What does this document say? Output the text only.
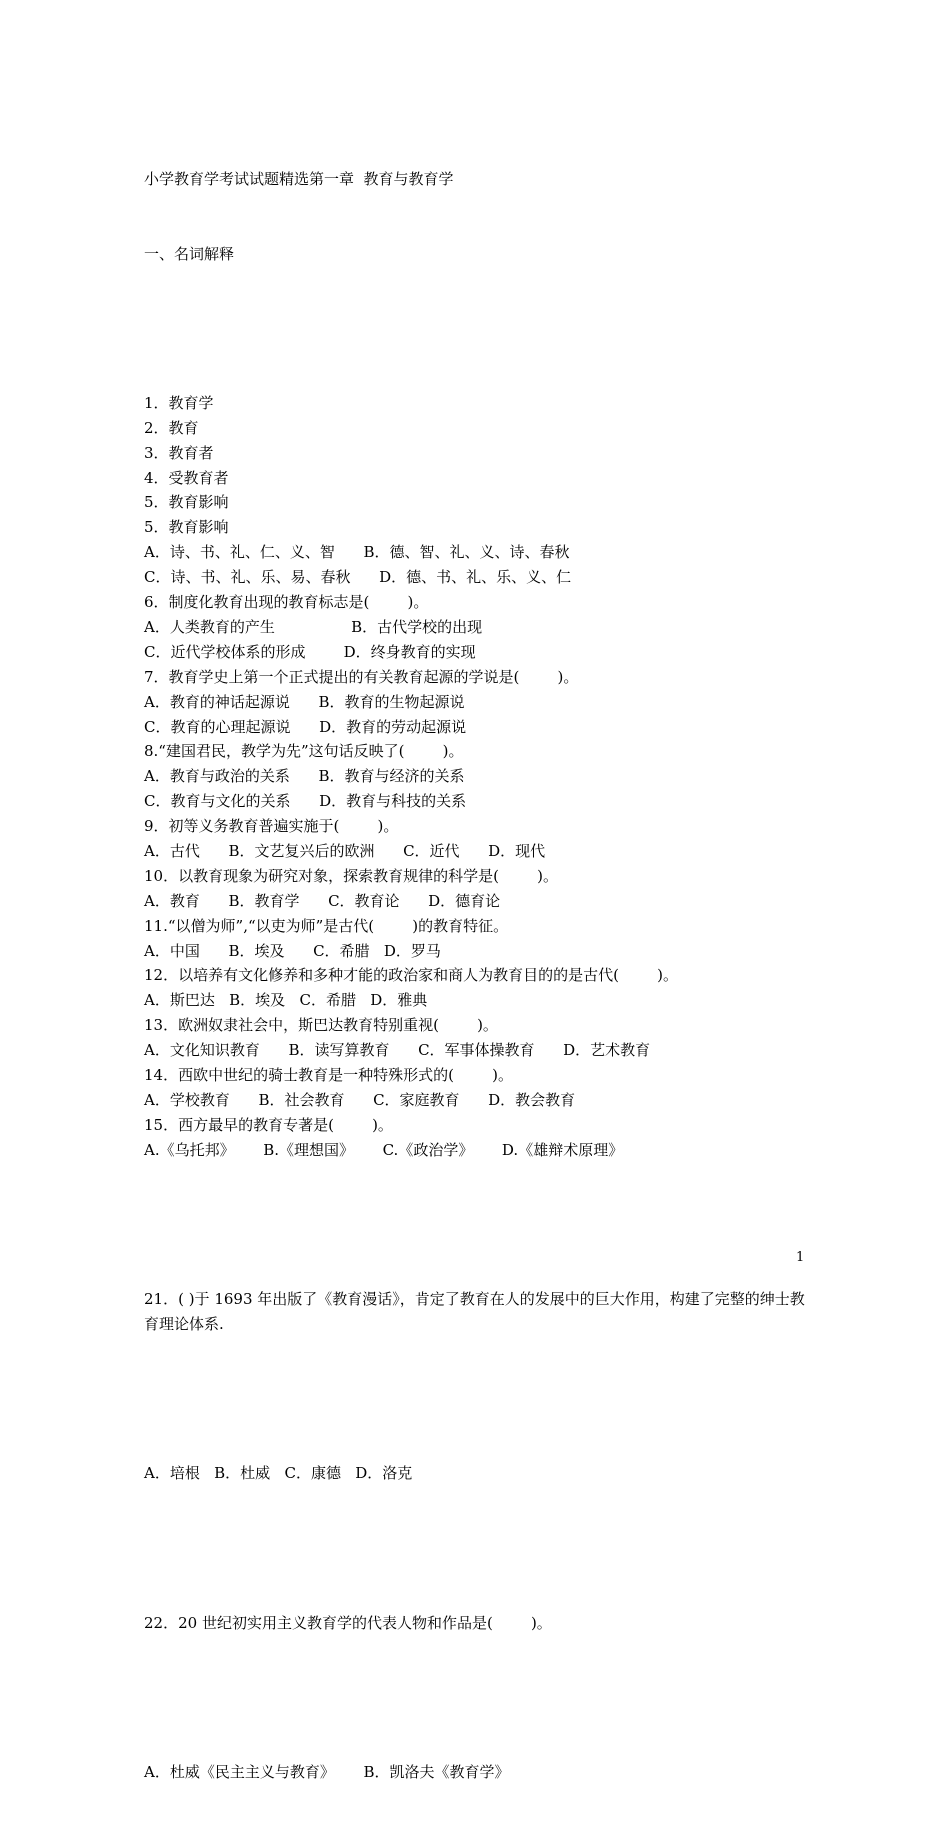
小学教育学考试试题精选第一章  教育与教育学

一、名词解释

1．教育学
2．教育
3．教育者
4．受教育者
5．教育影响
5．教育影响
A．诗、书、礼、仁、义、智      B．德、智、礼、义、诗、春秋
C．诗、书、礼、乐、易、春秋      D．德、书、礼、乐、义、仁
6．制度化教育出现的教育标志是(        )。
A．人类教育的产生                B．古代学校的出现
C．近代学校体系的形成        D．终身教育的实现
7．教育学史上第一个正式提出的有关教育起源的学说是(        )。
A．教育的神话起源说      B．教育的生物起源说
C．教育的心理起源说      D．教育的劳动起源说
8.“建国君民，教学为先”这句话反映了(        )。
A．教育与政治的关系      B．教育与经济的关系
C．教育与文化的关系      D．教育与科技的关系
9．初等义务教育普遍实施于(        )。
A．古代      B．文艺复兴后的欧洲      C．近代      D．现代
10．以教育现象为研究对象，探索教育规律的科学是(        )。
A．教育      B．教育学      C．教育论      D．德育论
11.“以僧为师”,“以吏为师”是古代(        )的教育特征。
A．中国      B．埃及      C．希腊   D．罗马
12．以培养有文化修养和多种才能的政治家和商人为教育目的的是古代(        )。
A．斯巴达   B．埃及   C．希腊   D．雅典
13．欧洲奴隶社会中，斯巴达教育特别重视(        )。
A．文化知识教育      B．读写算教育      C．军事体操教育      D．艺术教育
14．西欧中世纪的骑士教育是一种特殊形式的(        )。
A．学校教育      B．社会教育      C．家庭教育      D．教会教育
15．西方最早的教育专著是(        )。
A.《乌托邦》      B.《理想国》      C.《政治学》      D.《雄辩术原理》

21．( )于 1693 年出版了《教育漫话》，肯定了教育在人的发展中的巨大作用，构建了完整的绅士教育理论体系.

A．培根   B．杜威   C．康德   D．洛克

22．20 世纪初实用主义教育学的代表人物和作品是(        )。

A．杜威《民主主义与教育》      B．凯洛夫《教育学》

1
